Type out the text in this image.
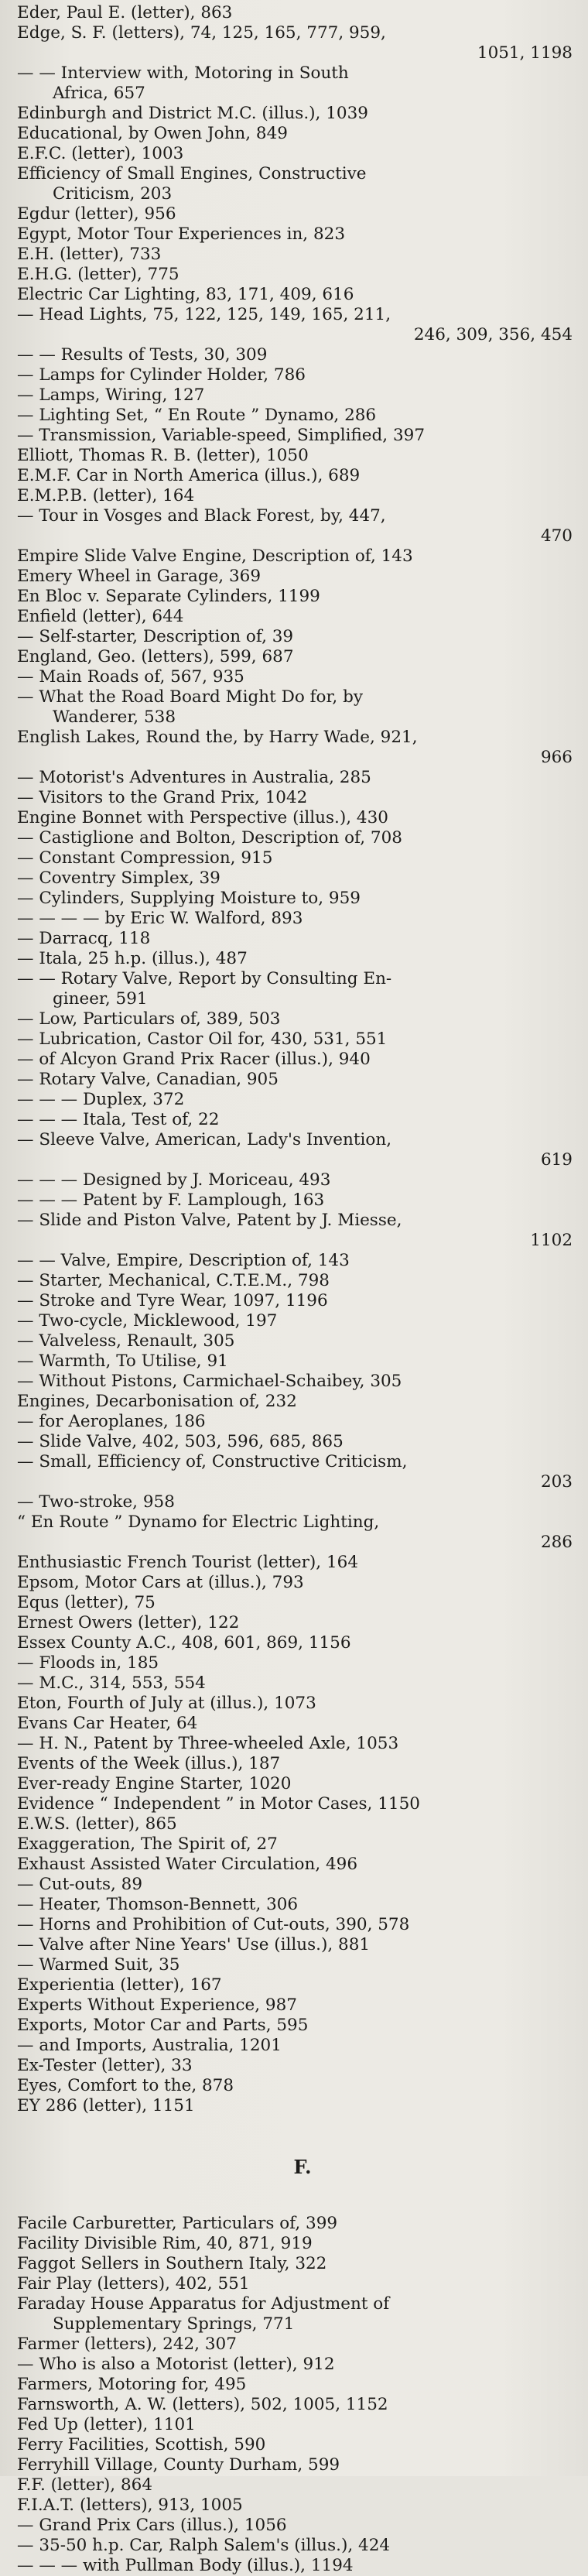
Eder, Paul E. (letter), 863
Edge, S. F. (letters), 74, 125, 165, 777, 959,
1051, 1198
— — Interview with, Motoring in South
Africa, 657
Edinburgh and District M.C. (illus.), 1039
Educational, by Owen John, 849
E.F.C. (letter), 1003
Efficiency of Small Engines, Constructive
Criticism, 203
Egdur (letter), 956
Egypt, Motor Tour Experiences in, 823
E.H. (letter), 733
E.H.G. (letter), 775
Electric Car Lighting, 83, 171, 409, 616
— Head Lights, 75, 122, 125, 149, 165, 211,
246, 309, 356, 454
— — Results of Tests, 30, 309
— Lamps for Cylinder Holder, 786
— Lamps, Wiring, 127
— Lighting Set, “ En Route ” Dynamo, 286
— Transmission, Variable-speed, Simplified, 397
Elliott, Thomas R. B. (letter), 1050
E.M.F. Car in North America (illus.), 689
E.M.P.B. (letter), 164
— Tour in Vosges and Black Forest, by, 447,
470
Empire Slide Valve Engine, Description of, 143
Emery Wheel in Garage, 369
En Bloc v. Separate Cylinders, 1199
Enfield (letter), 644
— Self-starter, Description of, 39
England, Geo. (letters), 599, 687
— Main Roads of, 567, 935
— What the Road Board Might Do for, by
Wanderer, 538
English Lakes, Round the, by Harry Wade, 921,
966
— Motorist's Adventures in Australia, 285
— Visitors to the Grand Prix, 1042
Engine Bonnet with Perspective (illus.), 430
— Castiglione and Bolton, Description of, 708
— Constant Compression, 915
— Coventry Simplex, 39
— Cylinders, Supplying Moisture to, 959
— — — — by Eric W. Walford, 893
— Darracq, 118
— Itala, 25 h.p. (illus.), 487
— — Rotary Valve, Report by Consulting En-
gineer, 591
— Low, Particulars of, 389, 503
— Lubrication, Castor Oil for, 430, 531, 551
— of Alcyon Grand Prix Racer (illus.), 940
— Rotary Valve, Canadian, 905
— — — Duplex, 372
— — — Itala, Test of, 22
— Sleeve Valve, American, Lady's Invention,
619
— — — Designed by J. Moriceau, 493
— — — Patent by F. Lamplough, 163
— Slide and Piston Valve, Patent by J. Miesse,
1102
— — Valve, Empire, Description of, 143
— Starter, Mechanical, C.T.E.M., 798
— Stroke and Tyre Wear, 1097, 1196
— Two-cycle, Micklewood, 197
— Valveless, Renault, 305
— Warmth, To Utilise, 91
— Without Pistons, Carmichael-Schaibey, 305
Engines, Decarbonisation of, 232
— for Aeroplanes, 186
— Slide Valve, 402, 503, 596, 685, 865
— Small, Efficiency of, Constructive Criticism,
203
— Two-stroke, 958
“ En Route ” Dynamo for Electric Lighting,
286
Enthusiastic French Tourist (letter), 164
Epsom, Motor Cars at (illus.), 793
Equs (letter), 75
Ernest Owers (letter), 122
Essex County A.C., 408, 601, 869, 1156
— Floods in, 185
— M.C., 314, 553, 554
Eton, Fourth of July at (illus.), 1073
Evans Car Heater, 64
— H. N., Patent by Three-wheeled Axle, 1053
Events of the Week (illus.), 187
Ever-ready Engine Starter, 1020
Evidence “ Independent ” in Motor Cases, 1150
E.W.S. (letter), 865
Exaggeration, The Spirit of, 27
Exhaust Assisted Water Circulation, 496
— Cut-outs, 89
— Heater, Thomson-Bennett, 306
— Horns and Prohibition of Cut-outs, 390, 578
— Valve after Nine Years' Use (illus.), 881
— Warmed Suit, 35
Experientia (letter), 167
Experts Without Experience, 987
Exports, Motor Car and Parts, 595
— and Imports, Australia, 1201
Ex-Tester (letter), 33
Eyes, Comfort to the, 878
EY 286 (letter), 1151
F.
Facile Carburetter, Particulars of, 399
Facility Divisible Rim, 40, 871, 919
Faggot Sellers in Southern Italy, 322
Fair Play (letters), 402, 551
Faraday House Apparatus for Adjustment of
Supplementary Springs, 771
Farmer (letters), 242, 307
— Who is also a Motorist (letter), 912
Farmers, Motoring for, 495
Farnsworth, A. W. (letters), 502, 1005, 1152
Fed Up (letter), 1101
Ferry Facilities, Scottish, 590
Ferryhill Village, County Durham, 599
F.F. (letter), 864
F.I.A.T. (letters), 913, 1005
— Grand Prix Cars (illus.), 1056
— 35-50 h.p. Car, Ralph Salem's (illus.), 424
— — — with Pullman Body (illus.), 1194
